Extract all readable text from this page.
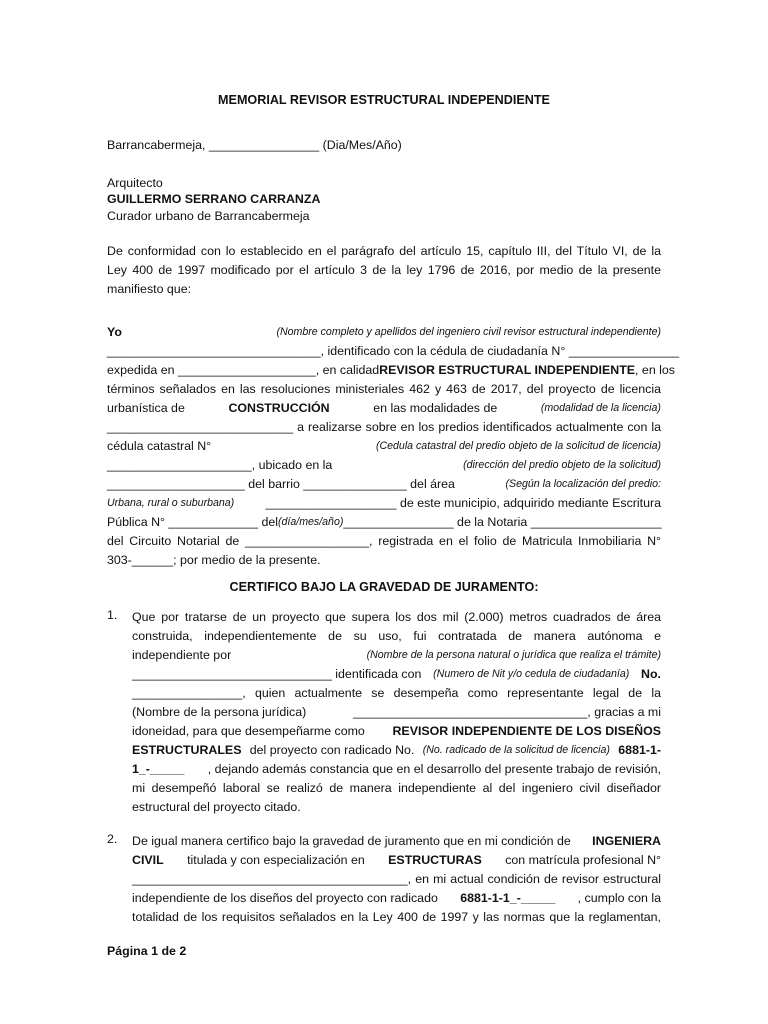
MEMORIAL REVISOR ESTRUCTURAL INDEPENDIENTE
Barrancabermeja, ________________ (Dia/Mes/Año)
Arquitecto
GUILLERMO SERRANO CARRANZA
Curador urbano de Barrancabermeja
De conformidad con lo establecido en el parágrafo del artículo 15, capítulo III, del Título VI, de la
Ley 400 de 1997 modificado por el artículo 3 de la ley 1796 de 2016, por medio de la presente
manifiesto que:
Yo	(Nombre completo y apellidos del ingeniero civil revisor estructural independiente)
_______________________________, identificado con la cédula de ciudadanía N° ________________
expedida en ____________________, en calidad REVISOR ESTRUCTURAL INDEPENDIENTE , en los
términos señalados en las resoluciones ministeriales 462 y 463 de 2017, del proyecto de licencia
urbanística de	CONSTRUCCIÓN	en las modalidades de	(modalidad de la licencia)
___________________________ a realizarse sobre en los predios identificados actualmente con la
cédula catastral N°	(Cedula catastral del predio objeto de la solicitud de licencia)
_____________________, ubicado en la	(dirección del predio objeto de la solicitud)
____________________ del barrio _______________ del área	(Según la localización del predio:
Urbana, rural o suburbana)	___________________ de este municipio, adquirido mediante Escritura
Pública N° _____________ del (día/mes/año) ________________ de la Notaria ___________________
del Circuito Notarial de __________________, registrada en el folio de Matricula Inmobiliaria N°
303-______; por medio de la presente.
CERTIFICO BAJO LA GRAVEDAD DE JURAMENTO:
1. Que por tratarse de un proyecto que supera los dos mil (2.000) metros cuadrados de área
construida, independientemente de su uso, fui contratada de manera autónoma e
independiente por	(Nombre de la persona natural o jurídica que realiza el trámite)
_____________________________ identificada con (Numero de Nit y/o cedula de ciudadanía) No.
________________, quien actualmente se desempeña como representante legal de la
(Nombre de la persona jurídica)	__________________________________, gracias a mi
idoneidad, para que desempeñarme como REVISOR INDEPENDIENTE DE LOS DISEÑOS
ESTRUCTURALES del proyecto con radicado No. (No. radicado de la solicitud de licencia) 6881-1-
1_-_____ , dejando además constancia que en el desarrollo del presente trabajo de revisión,
mi desempeñó laboral se realizó de manera independiente al del ingeniero civil diseñador
estructural del proyecto citado.
2. De igual manera certifico bajo la gravedad de juramento que en mi condición de INGENIERA
CIVIL titulada y con especialización en ESTRUCTURAS con matrícula profesional N°
________________________________________, en mi actual condición de revisor estructural
independiente de los diseños del proyecto con radicado 6881-1-1_-_____ , cumplo con la
totalidad de los requisitos señalados en la Ley 400 de 1997 y las normas que la reglamentan,
Página 1 de 2
